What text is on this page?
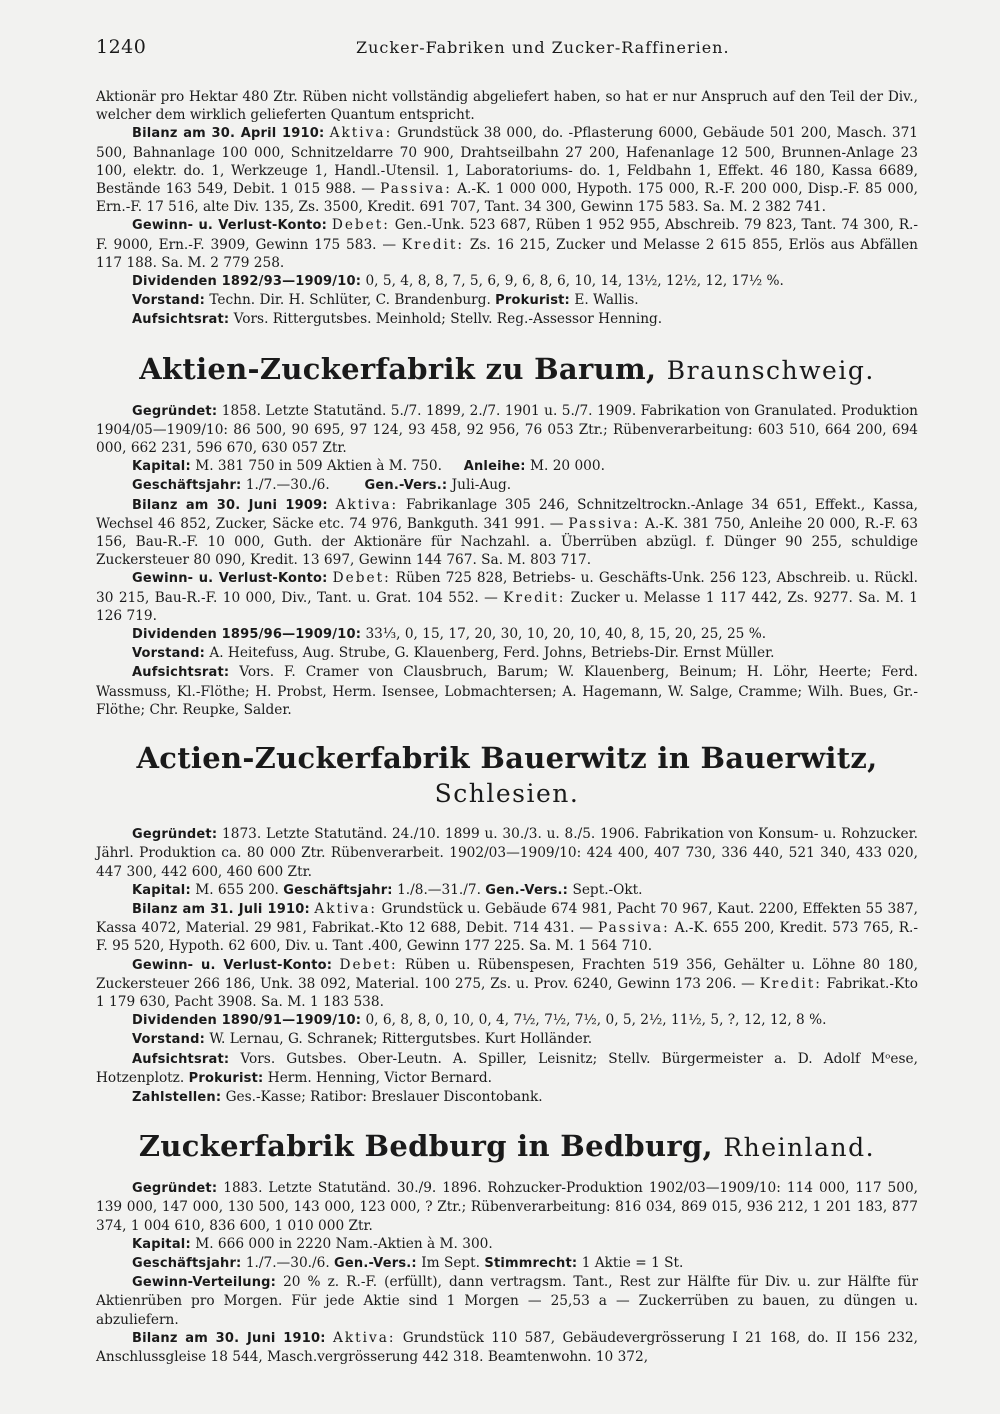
1240	Zucker-Fabriken und Zucker-Raffinerien.

Aktionär pro Hektar 480 Ztr. Rüben nicht vollständig abgeliefert haben, so hat er nur Anspruch auf den Teil der Div., welcher dem wirklich gelieferten Quantum entspricht.

Bilanz am 30. April 1910: Aktiva: Grundstück 38 000, do. -Pflasterung 6000, Gebäude 501 200, Masch. 371 500, Bahnanlage 100 000, Schnitzeldarre 70 900, Drahtseilbahn 27 200, Hafenanlage 12 500, Brunnen-Anlage 23 100, elektr. do. 1, Werkzeuge 1, Handl.-Utensil. 1, Laboratoriums- do. 1, Feldbahn 1, Effekt. 46 180, Kassa 6689, Bestände 163 549, Debit. 1 015 988. — Passiva: A.-K. 1 000 000, Hypoth. 175 000, R.-F. 200 000, Disp.-F. 85 000, Ern.-F. 17 516, alte Div. 135, Zs. 3500, Kredit. 691 707, Tant. 34 300, Gewinn 175 583. Sa. M. 2 382 741.

Gewinn- u. Verlust-Konto: Debet: Gen.-Unk. 523 687, Rüben 1 952 955, Abschreib. 79 823, Tant. 74 300, R.-F. 9000, Ern.-F. 3909, Gewinn 175 583. — Kredit: Zs. 16 215, Zucker und Melasse 2 615 855, Erlös aus Abfällen 117 188. Sa. M. 2 779 258.

Dividenden 1892/93—1909/10: 0, 5, 4, 8, 8, 7, 5, 6, 9, 6, 8, 6, 10, 14, 13½, 12½, 12, 17½ %.

Vorstand: Techn. Dir. H. Schlüter, C. Brandenburg. Prokurist: E. Wallis.

Aufsichtsrat: Vors. Rittergutsbes. Meinhold; Stellv. Reg.-Assessor Henning.

Aktien-Zuckerfabrik zu Barum, Braunschweig.

Gegründet: 1858. Letzte Statutänd. 5./7. 1899, 2./7. 1901 u. 5./7. 1909. Fabrikation von Granulated. Produktion 1904/05—1909/10: 86 500, 90 695, 97 124, 93 458, 92 956, 76 053 Ztr.; Rübenverarbeitung: 603 510, 664 200, 694 000, 662 231, 596 670, 630 057 Ztr.

Kapital: M. 381 750 in 509 Aktien à M. 750. Anleihe: M. 20 000.

Geschäftsjahr: 1./7.—30./6.	Gen.-Vers.: Juli-Aug.

Bilanz am 30. Juni 1909: Aktiva: Fabrikanlage 305 246, Schnitzeltrockn.-Anlage 34 651, Effekt., Kassa, Wechsel 46 852, Zucker, Säcke etc. 74 976, Bankguth. 341 991. — Passiva: A.-K. 381 750, Anleihe 20 000, R.-F. 63 156, Bau-R.-F. 10 000, Guth. der Aktionäre für Nachzahl. a. Überrüben abzügl. f. Dünger 90 255, schuldige Zuckersteuer 80 090, Kredit. 13 697, Gewinn 144 767. Sa. M. 803 717.

Gewinn- u. Verlust-Konto: Debet: Rüben 725 828, Betriebs- u. Geschäfts-Unk. 256 123, Abschreib. u. Rückl. 30 215, Bau-R.-F. 10 000, Div., Tant. u. Grat. 104 552. — Kredit: Zucker u. Melasse 1 117 442, Zs. 9277. Sa. M. 1 126 719.

Dividenden 1895/96—1909/10: 33⅓, 0, 15, 17, 20, 30, 10, 20, 10, 40, 8, 15, 20, 25, 25 %.

Vorstand: A. Heitefuss, Aug. Strube, G. Klauenberg, Ferd. Johns, Betriebs-Dir. Ernst Müller.

Aufsichtsrat: Vors. F. Cramer von Clausbruch, Barum; W. Klauenberg, Beinum; H. Löhr, Heerte; Ferd. Wassmuss, Kl.-Flöthe; H. Probst, Herm. Isensee, Lobmachtersen; A. Hagemann, W. Salge, Cramme; Wilh. Bues, Gr.-Flöthe; Chr. Reupke, Salder.

Actien-Zuckerfabrik Bauerwitz in Bauerwitz, Schlesien.

Gegründet: 1873. Letzte Statutänd. 24./10. 1899 u. 30./3. u. 8./5. 1906. Fabrikation von Konsum- u. Rohzucker. Jährl. Produktion ca. 80 000 Ztr. Rübenverarbeit. 1902/03—1909/10: 424 400, 407 730, 336 440, 521 340, 433 020, 447 300, 442 600, 460 600 Ztr.

Kapital: M. 655 200. Geschäftsjahr: 1./8.—31./7. Gen.-Vers.: Sept.-Okt.

Bilanz am 31. Juli 1910: Aktiva: Grundstück u. Gebäude 674 981, Pacht 70 967, Kaut. 2200, Effekten 55 387, Kassa 4072, Material. 29 981, Fabrikat.-Kto 12 688, Debit. 714 431. — Passiva: A.-K. 655 200, Kredit. 573 765, R.-F. 95 520, Hypoth. 62 600, Div. u. Tant .400, Gewinn 177 225. Sa. M. 1 564 710.

Gewinn- u. Verlust-Konto: Debet: Rüben u. Rübenspesen, Frachten 519 356, Gehälter u. Löhne 80 180, Zuckersteuer 266 186, Unk. 38 092, Material. 100 275, Zs. u. Prov. 6240, Gewinn 173 206. — Kredit: Fabrikat.-Kto 1 179 630, Pacht 3908. Sa. M. 1 183 538.

Dividenden 1890/91—1909/10: 0, 6, 8, 8, 0, 10, 0, 4, 7½, 7½, 7½, 0, 5, 2½, 11½, 5, ?, 12, 12, 8 %.

Vorstand: W. Lernau, G. Schranek; Rittergutsbes. Kurt Holländer.

Aufsichtsrat: Vors. Gutsbes. Ober-Leutn. A. Spiller, Leisnitz; Stellv. Bürgermeister a. D. Adolf Mᵒese, Hotzenplotz. Prokurist: Herm. Henning, Victor Bernard.

Zahlstellen: Ges.-Kasse; Ratibor: Breslauer Discontobank.

Zuckerfabrik Bedburg in Bedburg, Rheinland.

Gegründet: 1883. Letzte Statutänd. 30./9. 1896. Rohzucker-Produktion 1902/03—1909/10: 114 000, 117 500, 139 000, 147 000, 130 500, 143 000, 123 000, ? Ztr.; Rübenverarbeitung: 816 034, 869 015, 936 212, 1 201 183, 877 374, 1 004 610, 836 600, 1 010 000 Ztr.

Kapital: M. 666 000 in 2220 Nam.-Aktien à M. 300.

Geschäftsjahr: 1./7.—30./6. Gen.-Vers.: Im Sept. Stimmrecht: 1 Aktie = 1 St.

Gewinn-Verteilung: 20 % z. R.-F. (erfüllt), dann vertragsm. Tant., Rest zur Hälfte für Div. u. zur Hälfte für Aktienrüben pro Morgen. Für jede Aktie sind 1 Morgen — 25,53 a — Zuckerrüben zu bauen, zu düngen u. abzuliefern.

Bilanz am 30. Juni 1910: Aktiva: Grundstück 110 587, Gebäudevergrösserung I 21 168, do. II 156 232, Anschlussgleise 18 544, Masch.vergrösserung 442 318. Beamtenwohn. 10 372,
